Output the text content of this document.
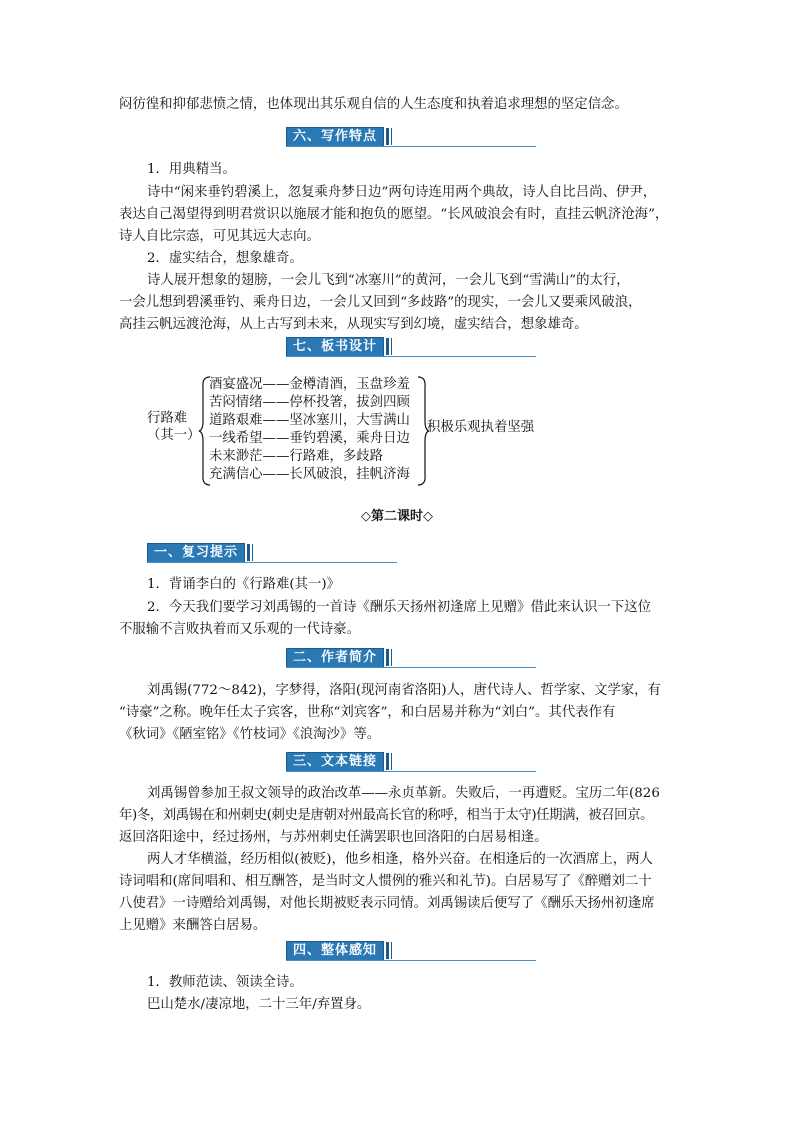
闷彷徨和抑郁悲愤之情，也体现出其乐观自信的人生态度和执着追求理想的坚定信念。

六、写作特点

1．用典精当。

诗中“闲来垂钓碧溪上，忽复乘舟梦日边”两句诗连用两个典故，诗人自比吕尚、伊尹，

表达自己渴望得到明君赏识以施展才能和抱负的愿望。“长风破浪会有时，直挂云帆济沧海”，

诗人自比宗悫，可见其远大志向。

2．虚实结合，想象雄奇。

诗人展开想象的翅膀，一会儿飞到“冰塞川”的黄河，一会儿飞到“雪满山”的太行，

一会儿想到碧溪垂钓、乘舟日边，一会儿又回到“多歧路”的现实，一会儿又要乘风破浪，

高挂云帆远渡沧海，从上古写到未来，从现实写到幻境，虚实结合，想象雄奇。

七、板书设计
行路难
（其一）
酒宴盛况——金樽清酒，玉盘珍羞
苦闷情绪——停杯投箸，拔剑四顾
道路艰难——坚冰塞川，大雪满山
一线希望——垂钓碧溪，乘舟日边
未来渺茫——行路难，多歧路
充满信心——长风破浪，挂帆济海
积极乐观执着坚强
◇第二课时◇
一、复习提示

1．背诵李白的《行路难(其一)》

2．今天我们要学习刘禹锡的一首诗《酬乐天扬州初逢席上见赠》借此来认识一下这位

不服输不言败执着而又乐观的一代诗豪。

二、作者简介

刘禹锡(772～842)，字梦得，洛阳(现河南省洛阳)人，唐代诗人、哲学家、文学家，有

“诗豪”之称。晚年任太子宾客，世称“刘宾客”，和白居易并称为“刘白”。其代表作有

《秋词》《陋室铭》《竹枝词》《浪淘沙》等。

三、文本链接

刘禹锡曾参加王叔文领导的政治改革——永贞革新。失败后，一再遭贬。宝历二年(826

年)冬，刘禹锡在和州刺史(刺史是唐朝对州最高长官的称呼，相当于太守)任期满，被召回京。

返回洛阳途中，经过扬州，与苏州刺史任满罢职也回洛阳的白居易相逢。

两人才华横溢，经历相似(被贬)，他乡相逢，格外兴奋。在相逢后的一次酒席上，两人

诗词唱和(席间唱和、相互酬答，是当时文人惯例的雅兴和礼节)。白居易写了《醉赠刘二十

八使君》一诗赠给刘禹锡，对他长期被贬表示同情。刘禹锡读后便写了《酬乐天扬州初逢席

上见赠》来酬答白居易。

四、整体感知

1．教师范读、领读全诗。

巴山楚水/凄凉地，二十三年/弃置身。
